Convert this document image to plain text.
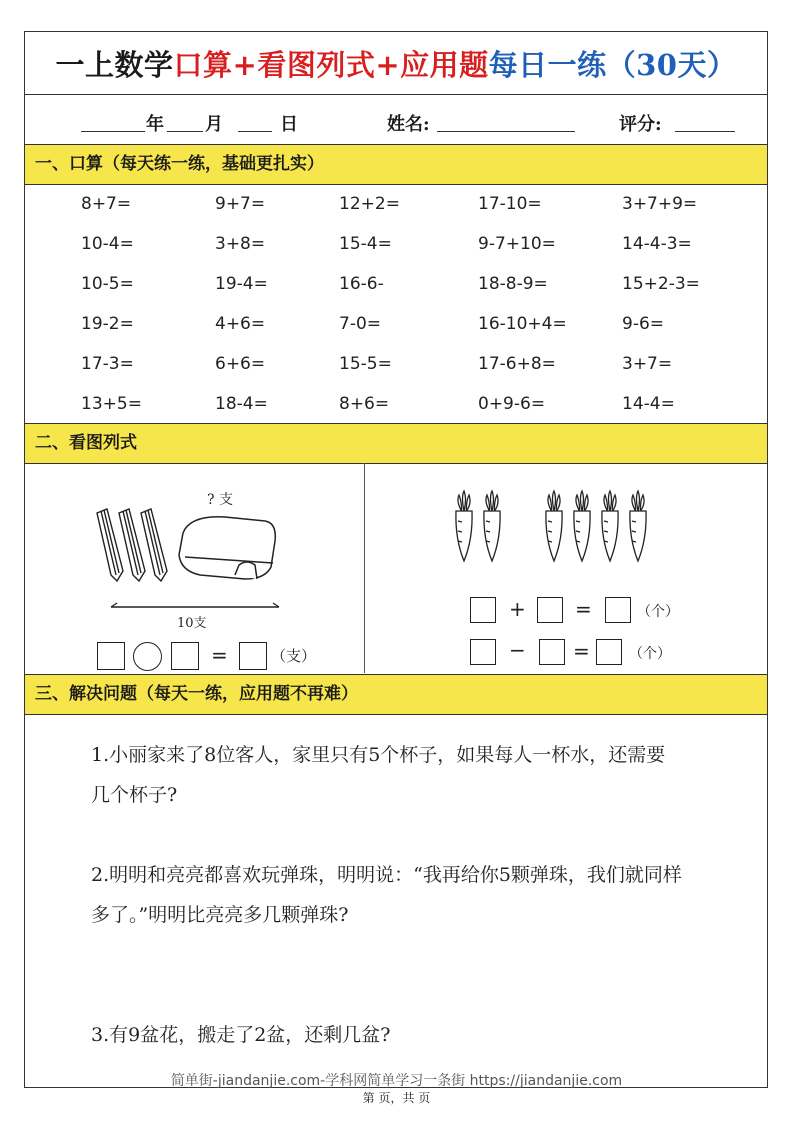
一上数学 口算+看图列式+应用题 每日一练（30天）
年 月	日	姓名:	评分:
一、口算（每天练一练，基础更扎实）
8+7=	9+7=	12+2=	17-10=	3+7+9=
10-4=	3+8=	15-4=	9-7+10=	14-4-3=
10-5=	19-4=	16-6-	18-8-9=	15+2-3=
19-2=	4+6=	7-0=	16-10+4=	9-6=
17-3=	6+6=	15-5=	17-6+8=	3+7=
13+5=	18-4=	8+6=	0+9-6=	14-4=
二、看图列式
? 支
10支
=	（支）
+ =	（个）
− =	（个）
三、解决问题（每天一练，应用题不再难）
1.小丽家来了8位客人，家里只有5个杯子，如果每人一杯水，还需要
几个杯子?
2.明明和亮亮都喜欢玩弹珠，明明说：“我再给你5颗弹珠，我们就同样
多了。”明明比亮亮多几颗弹珠?
3.有9盆花，搬走了2盆，还剩几盆?
简单街-jiandanjie.com-学科网简单学习一条街 https://jiandanjie.com
第 页，共 页
